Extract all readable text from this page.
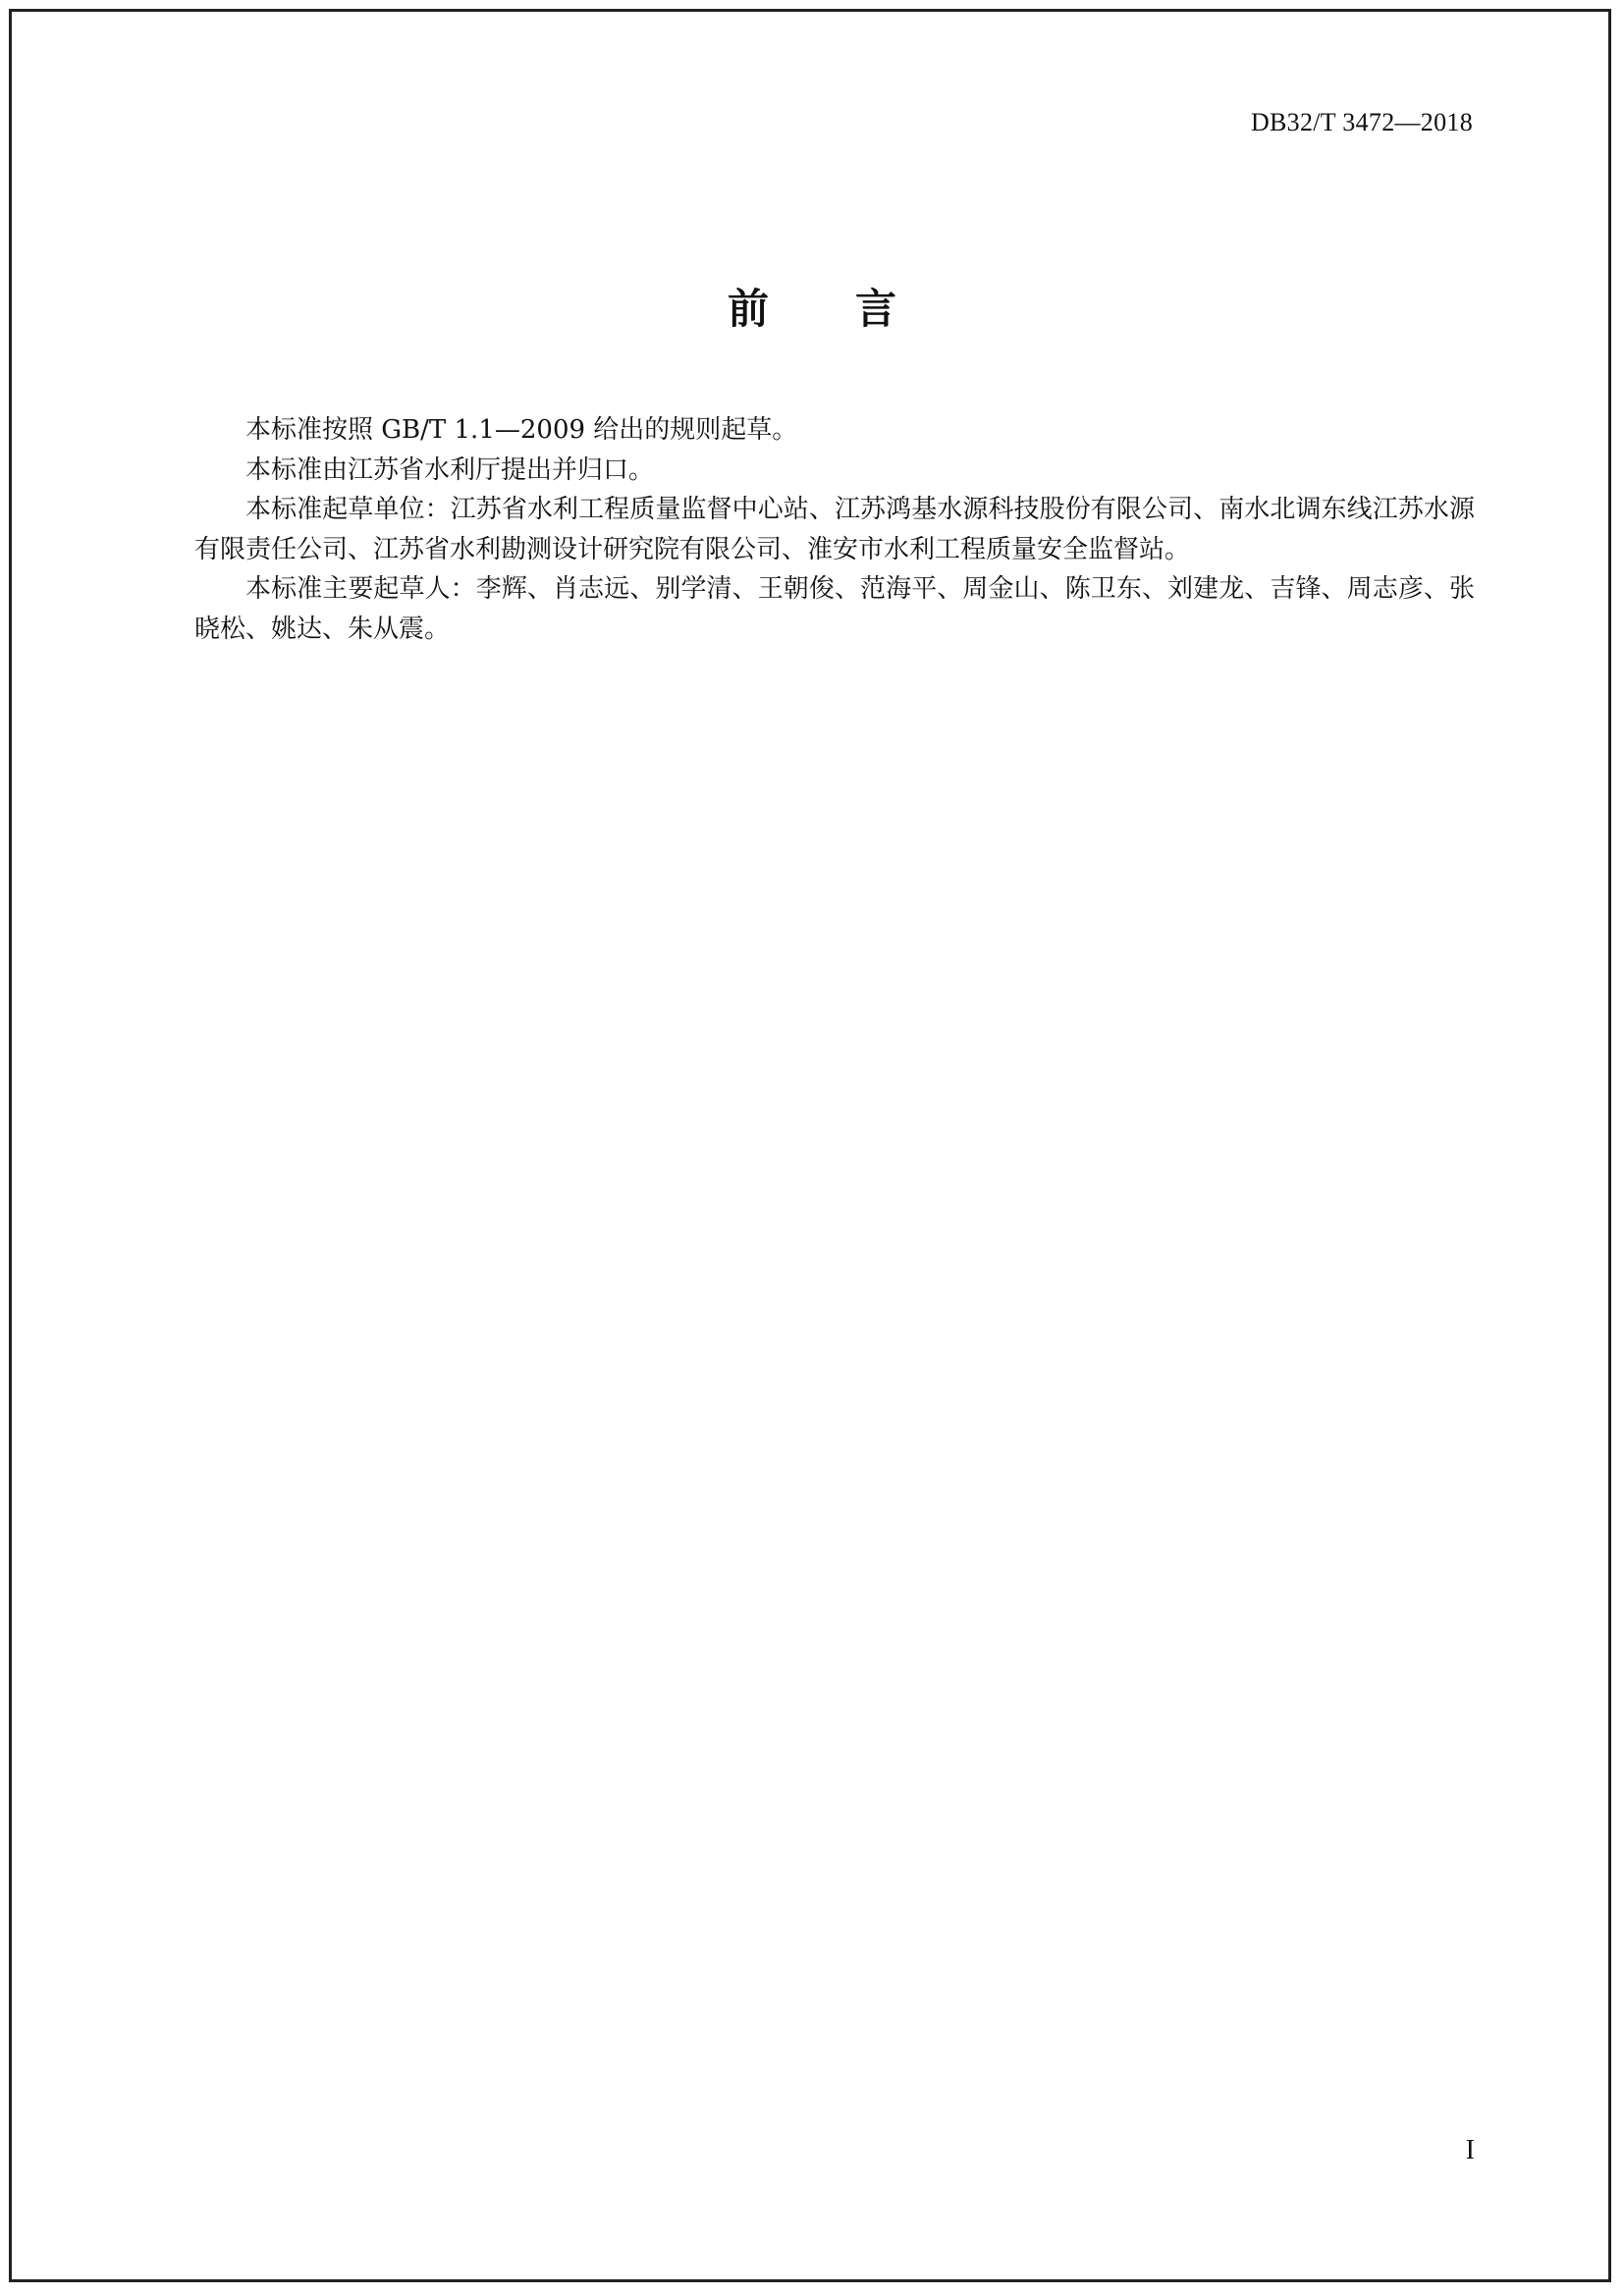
DB32/T 3472—2018
前言

本标准按照 GB/T 1.1—2009 给出的规则起草。

本标准由江苏省水利厅提出并归口。

本标准起草单位：江苏省水利工程质量监督中心站、江苏鸿基水源科技股份有限公司、南水北调东线江苏水源有限责任公司、江苏省水利勘测设计研究院有限公司、淮安市水利工程质量安全监督站。

本标准主要起草人：李辉、肖志远、别学清、王朝俊、范海平、周金山、陈卫东、刘建龙、吉锋、周志彦、张晓松、姚达、朱从震。

I
